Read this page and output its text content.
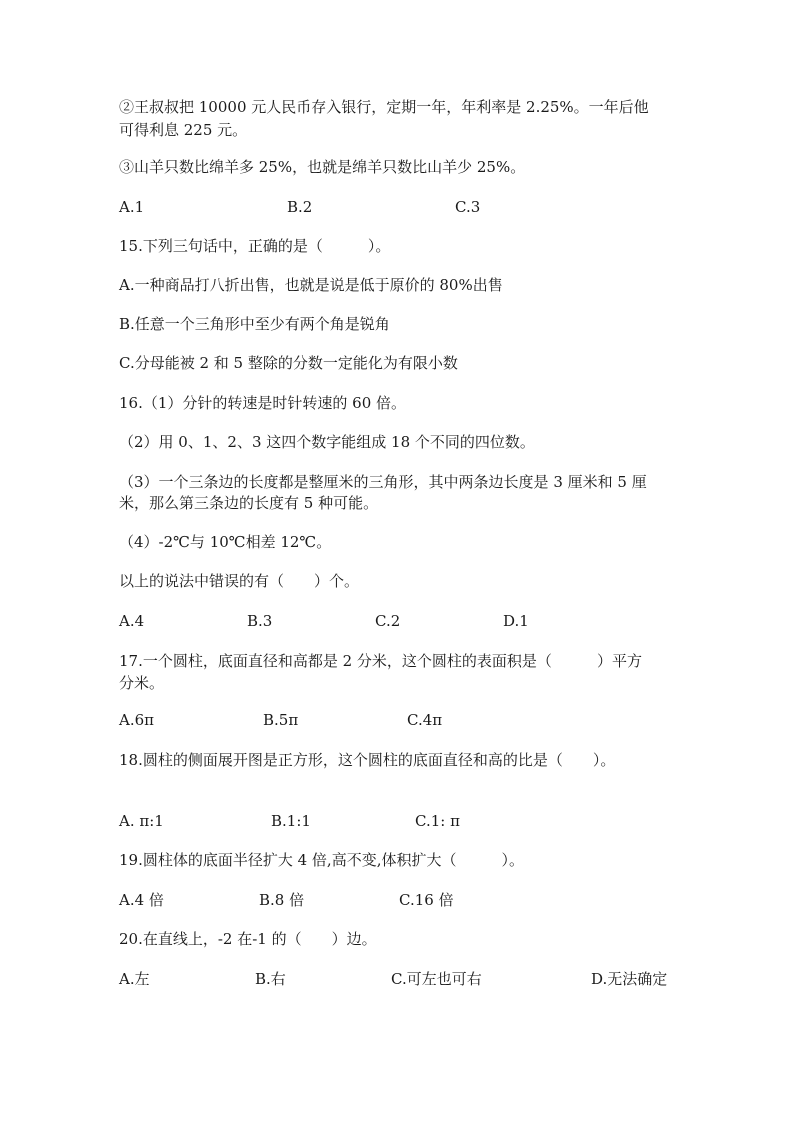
②王叔叔把 10000 元人民币存入银行，定期一年，年利率是 2.25%。一年后他
可得利息 225 元。
③山羊只数比绵羊多 25%，也就是绵羊只数比山羊少 25%。
A.1	B.2	C.3
15.下列三句话中，正确的是（　　　）。
A.一种商品打八折出售，也就是说是低于原价的 80%出售
B.任意一个三角形中至少有两个角是锐角
C.分母能被 2 和 5 整除的分数一定能化为有限小数
16.（1）分针的转速是时针转速的 60 倍。
（2）用 0、1、2、3 这四个数字能组成 18 个不同的四位数。
（3）一个三条边的长度都是整厘米的三角形，其中两条边长度是 3 厘米和 5 厘
米，那么第三条边的长度有 5 种可能。
（4）-2℃与 10℃相差 12℃。
以上的说法中错误的有（　　）个。
A.4	B.3	C.2	D.1
17.一个圆柱，底面直径和高都是 2 分米，这个圆柱的表面积是（　　　）平方
分米。
A.6π	B.5π	C.4π
18.圆柱的侧面展开图是正方形，这个圆柱的底面直径和高的比是（　　）。
A. π:1	B.1:1	C.1: π
19.圆柱体的底面半径扩大 4 倍,高不变,体积扩大（　　　）。
A.4 倍	B.8 倍	C.16 倍
20.在直线上，-2 在-1 的（　　）边。
A.左	B.右	C.可左也可右	D.无法确定
